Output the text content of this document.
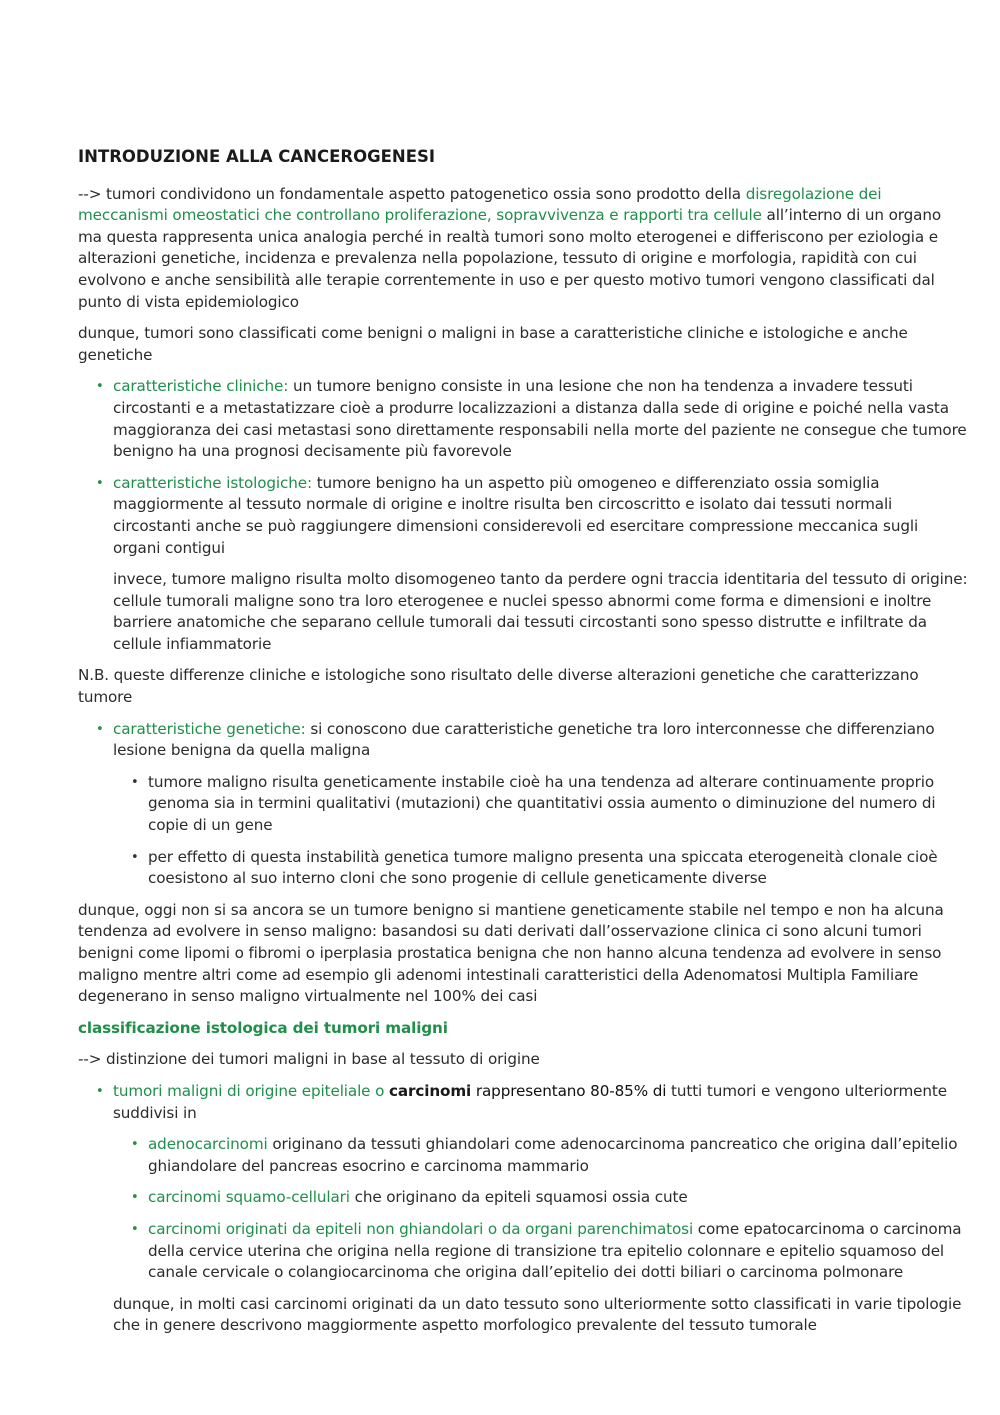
INTRODUZIONE ALLA CANCEROGENESI

--> tumori condividono un fondamentale aspetto patogenetico ossia sono prodotto della disregolazione dei meccanismi omeostatici che controllano proliferazione, sopravvivenza e rapporti tra cellule all’interno di un organo ma questa rappresenta unica analogia perché in realtà tumori sono molto eterogenei e differiscono per eziologia e alterazioni genetiche, incidenza e prevalenza nella popolazione, tessuto di origine e morfologia, rapidità con cui evolvono e anche sensibilità alle terapie correntemente in uso e per questo motivo tumori vengono classificati dal punto di vista epidemiologico

dunque, tumori sono classificati come benigni o maligni in base a caratteristiche cliniche e istologiche e anche genetiche

• caratteristiche cliniche: un tumore benigno consiste in una lesione che non ha tendenza a invadere tessuti circostanti e a metastatizzare cioè a produrre localizzazioni a distanza dalla sede di origine e poiché nella vasta maggioranza dei casi metastasi sono direttamente responsabili nella morte del paziente ne consegue che tumore benigno ha una prognosi decisamente più favorevole
• caratteristiche istologiche: tumore benigno ha un aspetto più omogeneo e differenziato ossia somiglia maggiormente al tessuto normale di origine e inoltre risulta ben circoscritto e isolato dai tessuti normali circostanti anche se può raggiungere dimensioni considerevoli ed esercitare compressione meccanica sugli organi contigui

invece, tumore maligno risulta molto disomogeneo tanto da perdere ogni traccia identitaria del tessuto di origine: cellule tumorali maligne sono tra loro eterogenee e nuclei spesso abnormi come forma e dimensioni e inoltre barriere anatomiche che separano cellule tumorali dai tessuti circostanti sono spesso distrutte e infiltrate da cellule infiammatorie

N.B. queste differenze cliniche e istologiche sono risultato delle diverse alterazioni genetiche che caratterizzano tumore

• caratteristiche genetiche: si conoscono due caratteristiche genetiche tra loro interconnesse che differenziano lesione benigna da quella maligna
• tumore maligno risulta geneticamente instabile cioè ha una tendenza ad alterare continuamente proprio genoma sia in termini qualitativi (mutazioni) che quantitativi ossia aumento o diminuzione del numero di copie di un gene
• per effetto di questa instabilità genetica tumore maligno presenta una spiccata eterogeneità clonale cioè coesistono al suo interno cloni che sono progenie di cellule geneticamente diverse

dunque, oggi non si sa ancora se un tumore benigno si mantiene geneticamente stabile nel tempo e non ha alcuna tendenza ad evolvere in senso maligno: basandosi su dati derivati dall’osservazione clinica ci sono alcuni tumori benigni come lipomi o fibromi o iperplasia prostatica benigna che non hanno alcuna tendenza ad evolvere in senso maligno mentre altri come ad esempio gli adenomi intestinali caratteristici della Adenomatosi Multipla Familiare degenerano in senso maligno virtualmente nel 100% dei casi

classificazione istologica dei tumori maligni

--> distinzione dei tumori maligni in base al tessuto di origine

• tumori maligni di origine epiteliale o carcinomi rappresentano 80-85% di tutti tumori e vengono ulteriormente suddivisi in
• adenocarcinomi originano da tessuti ghiandolari come adenocarcinoma pancreatico che origina dall’epitelio ghiandolare del pancreas esocrino e carcinoma mammario
• carcinomi squamo-cellulari che originano da epiteli squamosi ossia cute
• carcinomi originati da epiteli non ghiandolari o da organi parenchimatosi come epatocarcinoma o carcinoma della cervice uterina che origina nella regione di transizione tra epitelio colonnare e epitelio squamoso del canale cervicale o colangiocarcinoma che origina dall’epitelio dei dotti biliari o carcinoma polmonare

dunque, in molti casi carcinomi originati da un dato tessuto sono ulteriormente sotto classificati in varie tipologie che in genere descrivono maggiormente aspetto morfologico prevalente del tessuto tumorale
